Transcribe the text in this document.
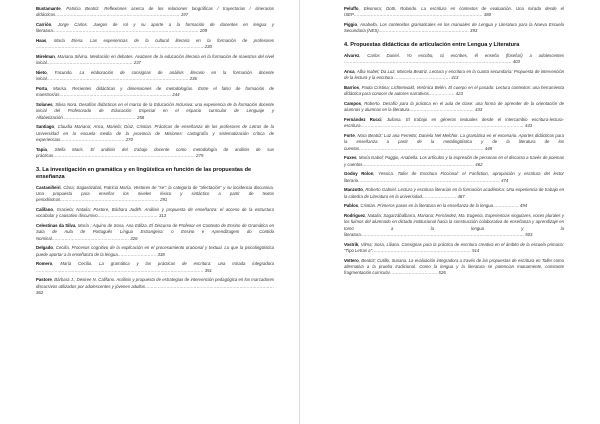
Bustamante, Patricia Beatriz. Reflexiones acerca de los relaciones biográficas / trayectorias / itinerarios didácticos…………………………………………………………………………… 197

Carrión, Jorge Carlos. Juegos de rol y su aporte a la formación de docentes en lengua y literatura………………………………………………………………………………………… 209

Haas, María Elena. Las experiencias de la cultural literaria en la formación de profesores ……………………………………………………………………………………………………… 230

Mirelman, Mariana Silvina. Mediación en debates. Avatares de la educación literaria en la formación de maestros del nivel inicial…………………………………………………… 237

Nieto, Facundo. La elaboración de consignas de análisis literario en la formación docente inicial……………………………………………………………………………………… 236

Porta, Marisa. Recientes didácticas y dimensiones de metodologías. Entre el falso de formación de maestros/as…………………………………………………………………… 244

Solanes, Silvia Nora. Desafíos didácticos en el marco de la Educación Inclusiva: una experiencia de la formación docente inicial del Profesorado de Educación Especial en el espacio curricular de Lenguaje y Alfabetización…………………………………………… 258

Santiago, Claudia Mariana; Anca, Mariela; Díaz, Cristian. Prácticas de enseñanza de los profesores de Letras de la Universidad en la escuela media de la provincia de Misiones: cartografía y sistematización crítica de experiencias……………………………………… 270

Tapia, Stella Maris. El análisis del trabajo docente como metodología de análisis de sus prácticas……………………………………………………………………………………… 279

3. La investigación en gramática y en lingüística en función de las propuestas de enseñanza

Castaniñeiri, Clara; Sagastizabal, Patricia María. Vestores de "se": la categoría de "afectación" y su incidencia discursiva. Una propuesta para enseñar los niveles léxico y sintáctico a partir de textos periodísticos…………………………………………………………… 291

Califano, Graciela; Natalia; Pastore, Bárbara Judith. Análisis y propuesta de enseñanza: el acceso de la estructura vocabular y causativo discursivo…………………………………… 313

Celestinas da Silva, María ; Aquino de Sosa, Ana Edilza. El Discurso de Profesor en Contexto de Ensino de Gramática en Sala de Aula de Português Língua Estrangeira: o Ensino e Aprendizagem do Contido Nominal……………………………………………… 326

Delgado, Cecilia. Procesos cognitivo de la explicación en el procesamiento oracional y textual. Lo que la psicolingüística puede aportar a la enseñanza de la lengua……………………… 338

Romero, María Cecilia. La gramática y las prácticas de escritura: una mirada integradora ……………………………………………………………………………………………………… 351

Pastore, Bárbara J.; Desiree N. Califano. Análisis y propuesta de estrategias de intervención pedagógica en los marcadores discursivos utilizados por adolescentes y jóvenes adultos……………………………………………………………………………… 362

Peluffo, Eleonora; Dotti, Rolando. La escritura en contextos de evaluación. Una mirada desde el ISEP……………………………………………………………………………… 380

Piggio, Anabella. Los contenidos gramaticales en los manuales de Lengua y Literatura para la Nueva Escuela Secundaria (NES)……………………………………………………… 393

4. Propuestas didácticas de articulación entre Lengua y Literatura

Alvarez, Carlos Daniel. Yo escribo, tú escribes, él enseña (fosefuri) a adolescentes ……………………………………………………………………………………………………… 403

Anca, Alba Isabel; Da Luz, Marcela Beatriz. Lectura y escritura en la cuarta secundaria: Propuesta de intervención de la lectura y la escritura ………………………………… 413

Barrios, Paola Cristina; Lichtenwald, Verónica Belén. El cuerpo en el pasado: Lectura contextos: una herramienta didáctica para conocer de autores narrativos……………… 423

Campos, Roberto. Desafío para la práctica en el aula de clase: una forma de aprender de la orientación de alumnos y alumnas en la literatura……………………………………… 433

Fernández Rucci, Juliana. El trabajo en géneros textuales desde el intercambio escritura-lectura-escritura…………………………………………………………………………………………………… 443

Forte, Nora Beatriz; Luz ana Ferretto; Daniela Nel Melchor. La gramática en el escenario. Aportes didácticos para la enseñanza a partir de la metalingüística y de la literatura de los cuentos…………………………………………………………………………… 448

Fuxes, María Isabel; Paggio, Anabella. Los artículos y la expresión de personas en el discurso a través de poemas y cuentos…………………………………………………………………… 462

Godoy Rolon, Yessica. Taller de Escritura Ficcional: el Fanfiction, apropiación y escritura del lector literario……………………………………………………………………………………… 474

Manzotto, Roberto Gabriel. Lectura y escritura literarias en la formación académica: Una experiencia de trabajo en la cátedra de Literatura en la universidad…………………… 487

Pablos, Cristian. Primeros pasos en la literatura en la enseñanza de la lengua……………… 494

Rodriguez, Natalia; Sagarzábalbarra, Mariana; Fernández, Ma. Eugenia. Experiencias singulares, voces plurales y los fuimos del alumnado en dictado institucional hacia la construcción colaborativa de enseñanza y aprendizaje en torno a la lengua y la literatura…………………………………………………………………………………………………… 503

Vostrik, Vilma; Sosa, Liliana. Consignas para la práctica de escritura creativa en el ámbito de la escuela primaria: "Tipo Letras a"…………………………………………………………… 514

Vottero, Beatriz; Cutillo, Susana. La evaluación integradora a través de las propuestas de escritura en Taller como alternativa a la prueba tradicional. Como la lengua y la literatura se potencian mutuamente, constante fragmentación curricular…………………………… 526
